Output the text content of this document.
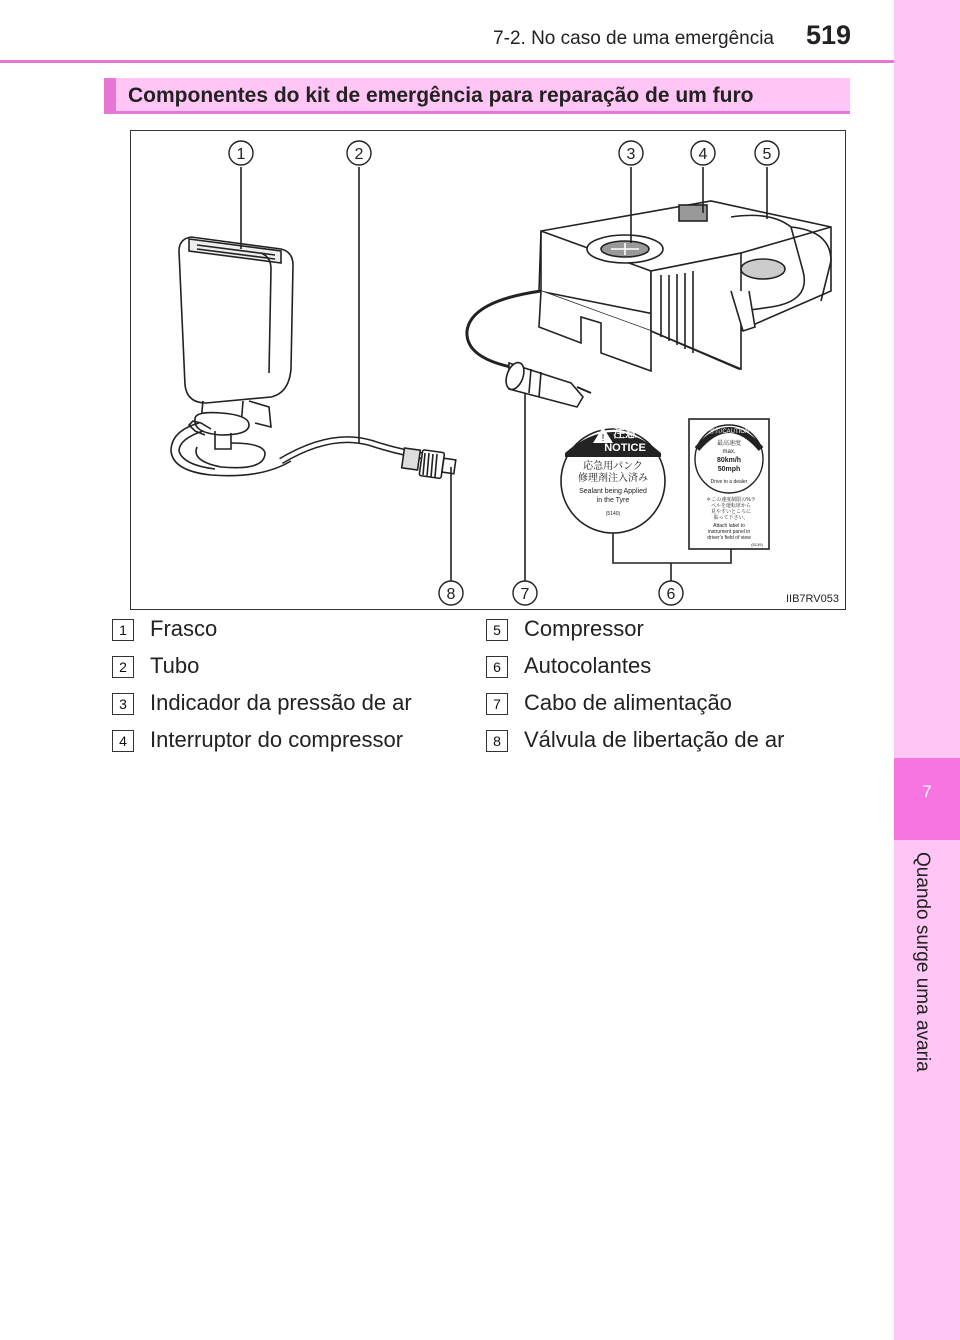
7
Quando surge uma avaria
7-2. No caso de uma emergência 519
Componentes do kit de emergência para reparação de um furo
1	2	3	4	5
6
7
8
! 注意
NOTICE
応急用パンク
修理剤注入済み
Sealant being Applied
in the Tyre
(5140)
警告/CAUTION
最高速度
max.
80km/h
50mph
Drive to a dealer
＊この速度制限の%ラ
ベルを運転席から
見やすいところに
貼って下さい。
Attach label to
instrument panel in
driver's field of view
(5139)
IIB7RV053
1	Frasco
2	Tubo
3	Indicador da pressão de ar
4	Interruptor do compressor
5	Compressor
6	Autocolantes
7	Cabo de alimentação
8	Válvula de libertação de ar
